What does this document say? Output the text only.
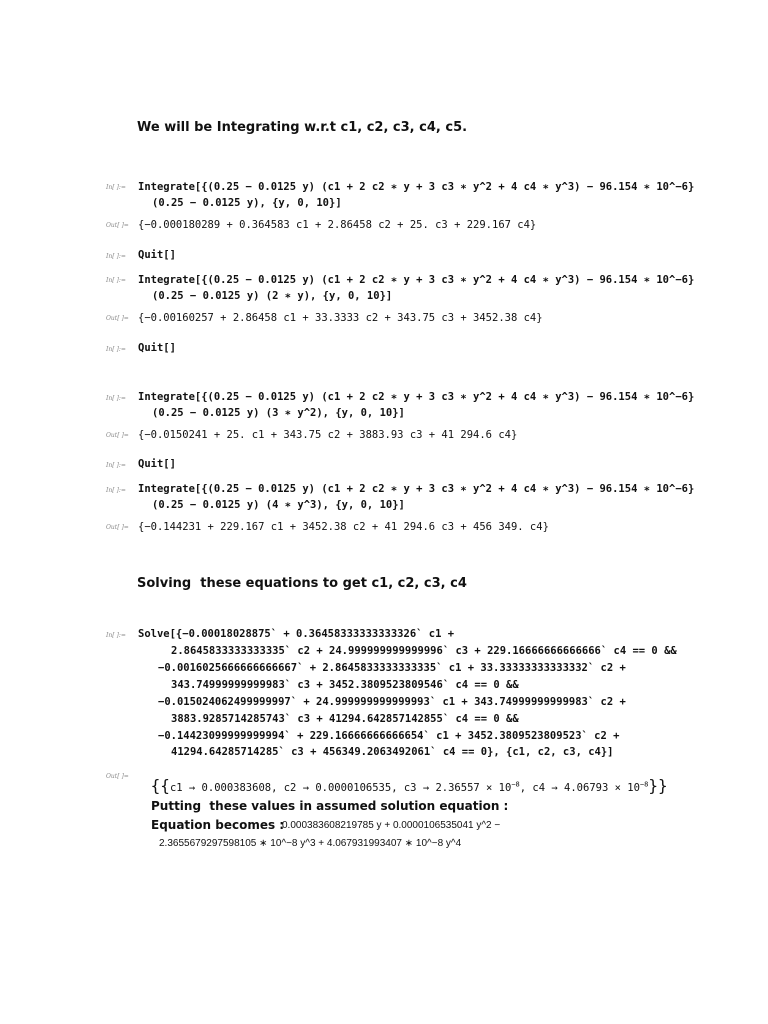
We will be Integrating w.r.t c1, c2, c3, c4, c5.
In[ ]:=	Integrate[{(0.25 − 0.0125 y) (c1 + 2 c2 ∗ y + 3 c3 ∗ y^2 + 4 c4 ∗ y^3) − 96.154 ∗ 10^−6}
(0.25 − 0.0125 y), {y, 0, 10}]
Out[ ]= {−0.000180289 + 0.364583 c1 + 2.86458 c2 + 25. c3 + 229.167 c4}
In[ ]:=	Quit[]
In[ ]:=	Integrate[{(0.25 − 0.0125 y) (c1 + 2 c2 ∗ y + 3 c3 ∗ y^2 + 4 c4 ∗ y^3) − 96.154 ∗ 10^−6}
(0.25 − 0.0125 y) (2 ∗ y), {y, 0, 10}]
Out[ ]= {−0.00160257 + 2.86458 c1 + 33.3333 c2 + 343.75 c3 + 3452.38 c4}
In[ ]:=	Quit[]
In[ ]:=	Integrate[{(0.25 − 0.0125 y) (c1 + 2 c2 ∗ y + 3 c3 ∗ y^2 + 4 c4 ∗ y^3) − 96.154 ∗ 10^−6}
(0.25 − 0.0125 y) (3 ∗ y^2), {y, 0, 10}]
Out[ ]= {−0.0150241 + 25. c1 + 343.75 c2 + 3883.93 c3 + 41 294.6 c4}
In[ ]:=	Quit[]
In[ ]:=	Integrate[{(0.25 − 0.0125 y) (c1 + 2 c2 ∗ y + 3 c3 ∗ y^2 + 4 c4 ∗ y^3) − 96.154 ∗ 10^−6}
(0.25 − 0.0125 y) (4 ∗ y^3), {y, 0, 10}]
Out[ ]= {−0.144231 + 229.167 c1 + 3452.38 c2 + 41 294.6 c3 + 456 349. c4}
Solving  these equations to get c1, c2, c3, c4
In[ ]:=	Solve[{−0.00018028875` + 0.36458333333333326` c1 +
2.8645833333333335` c2 + 24.999999999999996` c3 + 229.16666666666666` c4 == 0 &&
−0.0016025666666666667` + 2.8645833333333335` c1 + 33.33333333333332` c2 +
343.74999999999983` c3 + 3452.3809523809546` c4 == 0 &&
−0.015024062499999997` + 24.999999999999993` c1 + 343.74999999999983` c2 +
3883.9285714285743` c3 + 41294.642857142855` c4 == 0 &&
−0.14423099999999994` + 229.16666666666654` c1 + 3452.3809523809523` c2 +
41294.64285714285` c3 + 456349.2063492061` c4 == 0}, {c1, c2, c3, c4}]
Out[ ]=	{{c1 → 0.000383608, c2 → 0.0000106535, $c3 \to 2.36557 \times 10^{-8}$, $c4 \to 4.06793 \times 10^{-8}$}}

Putting  these values in assumed solution equation :
Equation becomes :
0.000383608219785 y + 0.0000106535041 y^2 −
2.3655679297598105 ∗ 10^−8 y^3 + 4.067931993407 ∗ 10^−8 y^4
